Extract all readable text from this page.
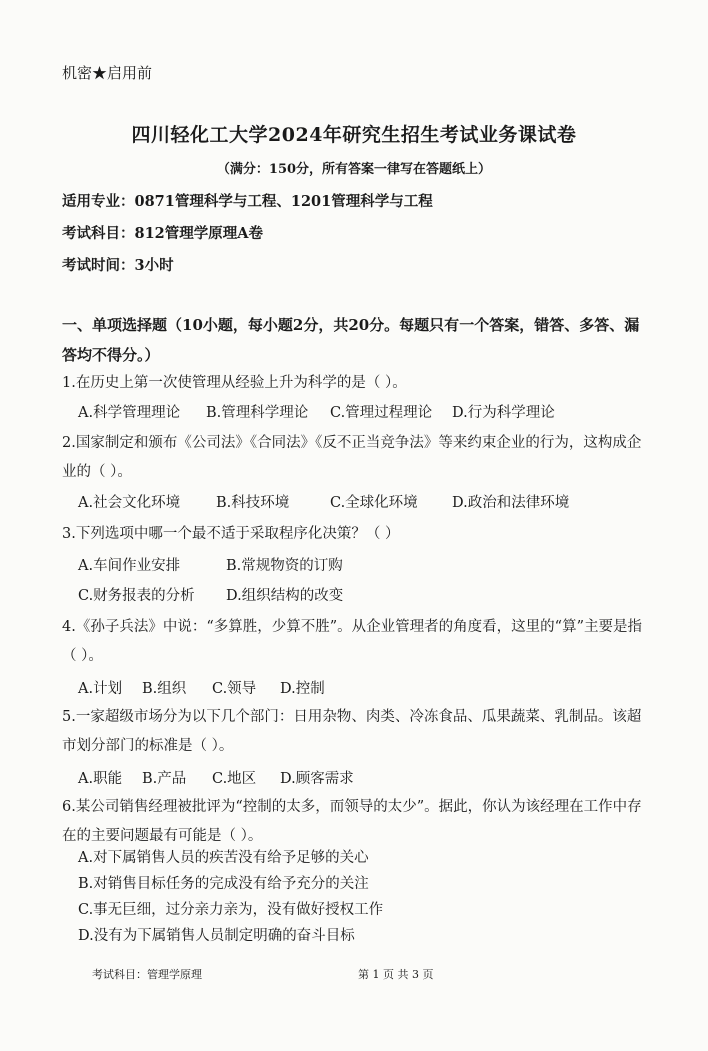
机密★启用前
四川轻化工大学2024年研究生招生考试业务课试卷
（满分：150分，所有答案一律写在答题纸上）
适用专业：0871管理科学与工程、1201管理科学与工程
考试科目：812管理学原理A卷
考试时间：3小时
一、单项选择题（10小题，每小题2分，共20分。每题只有一个答案，错答、多答、漏答均不得分。）
1.在历史上第一次使管理从经验上升为科学的是（ ）。
A.科学管理理论 B.管理科学理论 C.管理过程理论 D.行为科学理论
2.国家制定和颁布《公司法》《合同法》《反不正当竞争法》等来约束企业的行为，这构成企业的（ ）。
A.社会文化环境 B.科技环境	C.全球化环境 D.政治和法律环境
3.下列选项中哪一个最不适于采取程序化决策？（ ）
A.车间作业安排	B.常规物资的订购
C.财务报表的分析 D.组织结构的改变
4.《孙子兵法》中说：“多算胜，少算不胜”。从企业管理者的角度看，这里的“算”主要是指（ ）。
A.计划 B.组织 C.领导 D.控制
5.一家超级市场分为以下几个部门：日用杂物、肉类、冷冻食品、瓜果蔬菜、乳制品。该超市划分部门的标准是（ ）。
A.职能 B.产品 C.地区 D.顾客需求
6.某公司销售经理被批评为“控制的太多，而领导的太少”。据此，你认为该经理在工作中存在的主要问题最有可能是（ ）。
A.对下属销售人员的疾苦没有给予足够的关心
B.对销售目标任务的完成没有给予充分的关注
C.事无巨细，过分亲力亲为，没有做好授权工作
D.没有为下属销售人员制定明确的奋斗目标
考试科目：管理学原理	第 1 页 共 3 页
